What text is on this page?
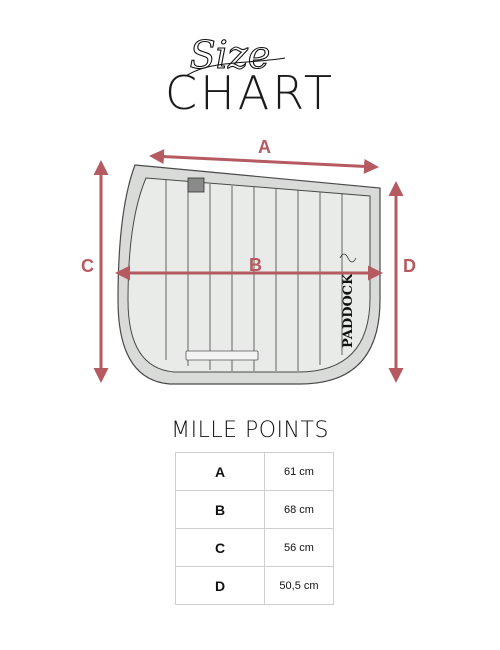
Size
CHART
PADDOCK
A
B
C	D
MILLE POINTS
A	61 cm
B	68 cm
C	56 cm
D	50,5 cm
